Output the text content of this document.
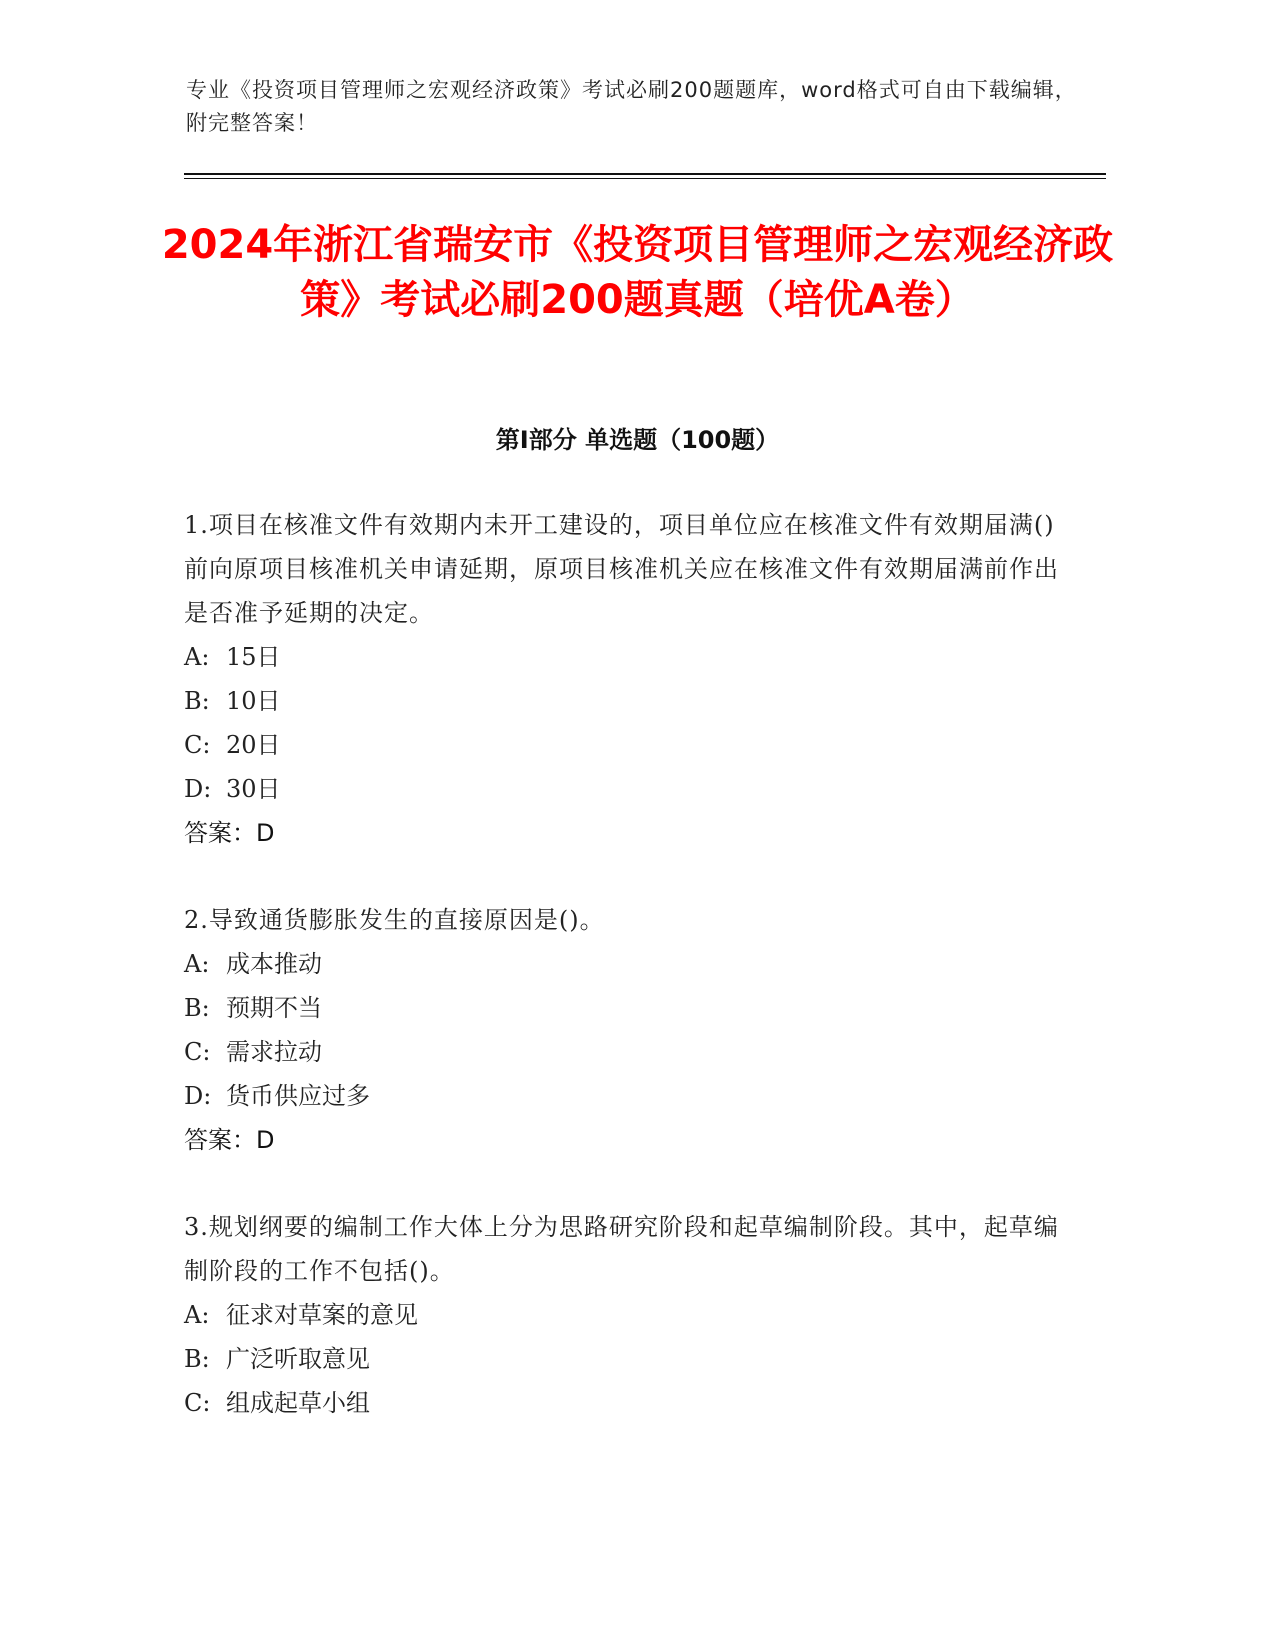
专业《投资项目管理师之宏观经济政策》考试必刷200题题库，word格式可自由下载编辑，附完整答案！
2024年浙江省瑞安市《投资项目管理师之宏观经济政策》考试必刷200题真题（培优A卷）
第I部分 单选题（100题）
1.项目在核准文件有效期内未开工建设的，项目单位应在核准文件有效期届满()前向原项目核准机关申请延期，原项目核准机关应在核准文件有效期届满前作出是否准予延期的决定。
A: 15日
B: 10日
C: 20日
D: 30日
答案：D
2.导致通货膨胀发生的直接原因是()。
A: 成本推动
B: 预期不当
C: 需求拉动
D: 货币供应过多
答案：D
3.规划纲要的编制工作大体上分为思路研究阶段和起草编制阶段。其中，起草编制阶段的工作不包括()。
A: 征求对草案的意见
B: 广泛听取意见
C: 组成起草小组
